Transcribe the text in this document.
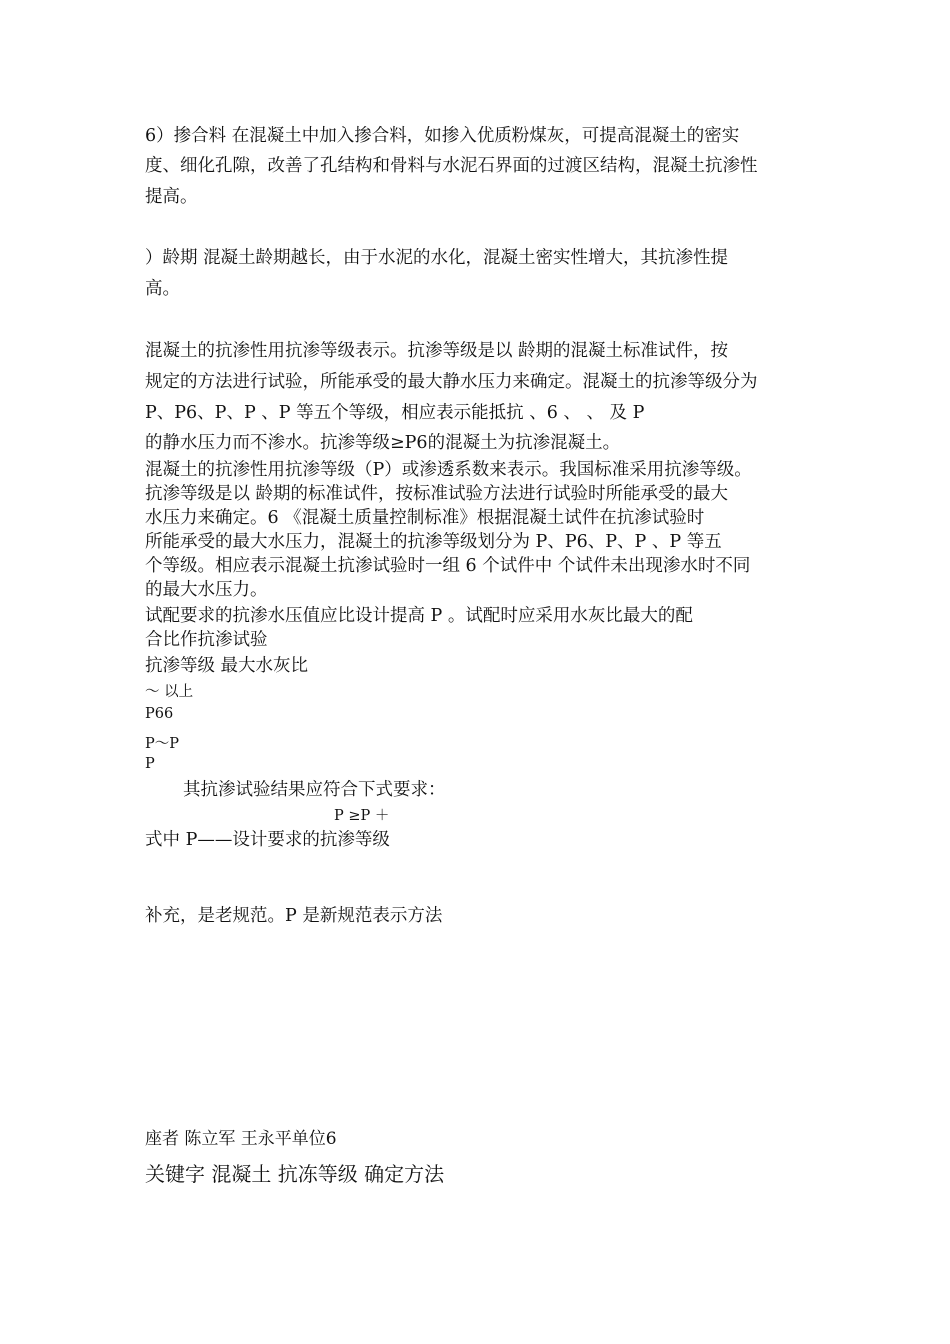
6）掺合料 在混凝土中加入掺合料，如掺入优质粉煤灰，可提高混凝土的密实
度、细化孔隙，改善了孔结构和骨料与水泥石界面的过渡区结构，混凝土抗渗性
提高。
）龄期 混凝土龄期越长，由于水泥的水化，混凝土密实性增大，其抗渗性提
高。
混凝土的抗渗性用抗渗等级表示。抗渗等级是以 龄期的混凝土标准试件，按
规定的方法进行试验，所能承受的最大静水压力来确定。混凝土的抗渗等级分为
P、P6、P、P 、P 等五个等级，相应表示能抵抗 、6 、 、 及 P
的静水压力而不渗水。抗渗等级≥P6的混凝土为抗渗混凝土。
混凝土的抗渗性用抗渗等级（P）或渗透系数来表示。我国标准采用抗渗等级。
抗渗等级是以 龄期的标准试件，按标准试验方法进行试验时所能承受的最大
水压力来确定。6 《混凝土质量控制标准》根据混凝土试件在抗渗试验时
所能承受的最大水压力，混凝土的抗渗等级划分为 P、P6、P、P 、P 等五
个等级。相应表示混凝土抗渗试验时一组 6 个试件中 个试件未出现渗水时不同
的最大水压力。
试配要求的抗渗水压值应比设计提高 P 。试配时应采用水灰比最大的配
合比作抗渗试验
抗渗等级 最大水灰比
～ 以上
P66
P～P
P
其抗渗试验结果应符合下式要求：
P ≥P ＋
式中 P——设计要求的抗渗等级
补充，是老规范。P 是新规范表示方法
座者 陈立军 王永平单位6
关键字 混凝土 抗冻等级 确定方法
